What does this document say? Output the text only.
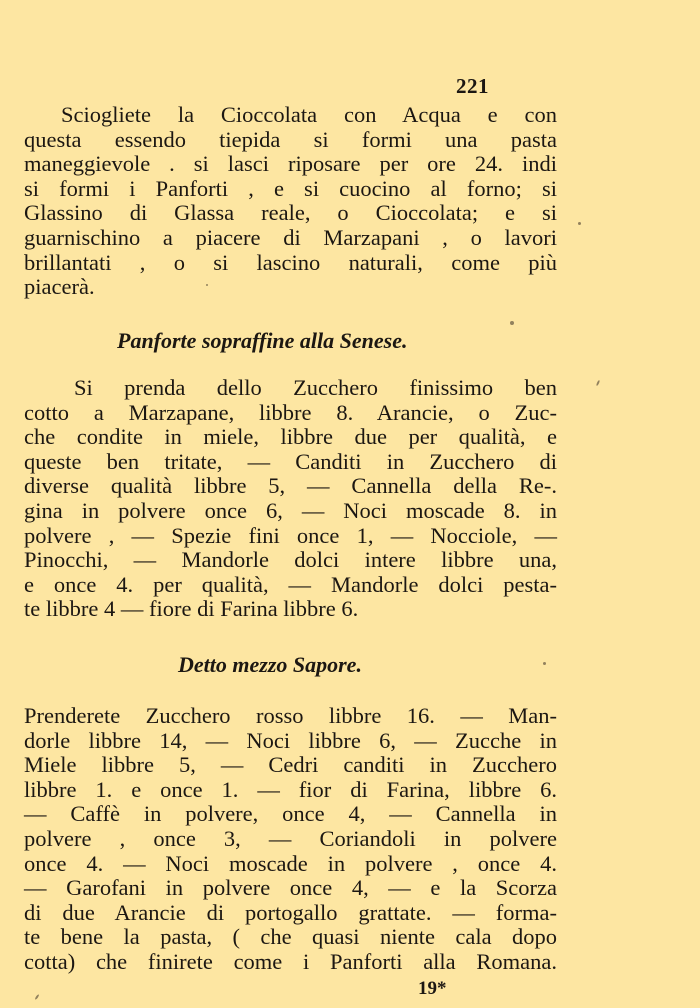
221
Sciogliete la Cioccolata con Acqua e con
questa essendo tiepida si formi una pasta
maneggievole . si lasci riposare per ore 24. indi
si formi i Panforti , e si cuocino al forno; si
Glassino di Glassa reale, o Cioccolata; e si
guarnischino a piacere di Marzapani , o lavori
brillantati , o si lascino naturali, come più
piacerà.
Panforte sopraffine alla Senese.
Si prenda dello Zucchero finissimo ben
cotto a Marzapane, libbre 8. Arancie, o Zuc-
che condite in miele, libbre due per qualità, e
queste ben tritate, — Canditi in Zucchero di
diverse qualità libbre 5, — Cannella della Re-.
gina in polvere once 6, — Noci moscade 8. in
polvere , — Spezie fini once 1, — Nocciole, —
Pinocchi, — Mandorle dolci intere libbre una,
e once 4. per qualità, — Mandorle dolci pesta-
te libbre 4 — fiore di Farina libbre 6.
Detto mezzo Sapore.
Prenderete Zucchero rosso libbre 16. — Man-
dorle libbre 14, — Noci libbre 6, — Zucche in
Miele libbre 5, — Cedri canditi in Zucchero
libbre 1. e once 1. — fior di Farina, libbre 6.
— Caffè in polvere, once 4, — Cannella in
polvere , once 3, — Coriandoli in polvere
once 4. — Noci moscade in polvere , once 4.
— Garofani in polvere once 4, — e la Scorza
di due Arancie di portogallo grattate. — forma-
te bene la pasta, ( che quasi niente cala dopo
cotta) che finirete come i Panforti alla Romana.
19*
